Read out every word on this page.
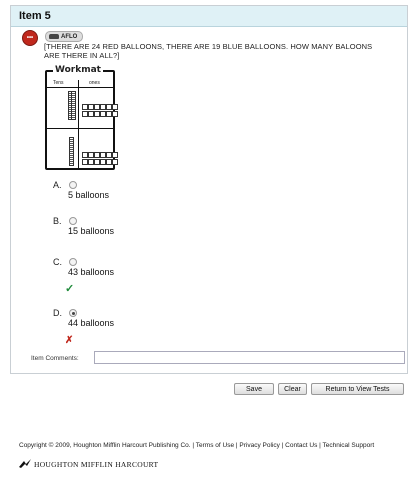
Item 5
•••	AFLO
[THERE ARE 24 RED BALLOONS, THERE ARE 19 BLUE BALLOONS. HOW MANY BALOONS ARE THERE IN ALL?]
Workmat
Tens	ones
A.
5 balloons
B.
15 balloons
C.
43 balloons
✓
D.
44 balloons
✗
Item Comments:
Save	Clear	Return to View Tests
Copyright © 2009, Houghton Mifflin Harcourt Publishing Co. | Terms of Use | Privacy Policy | Contact Us | Technical Support
HOUGHTON MIFFLIN HARCOURT
